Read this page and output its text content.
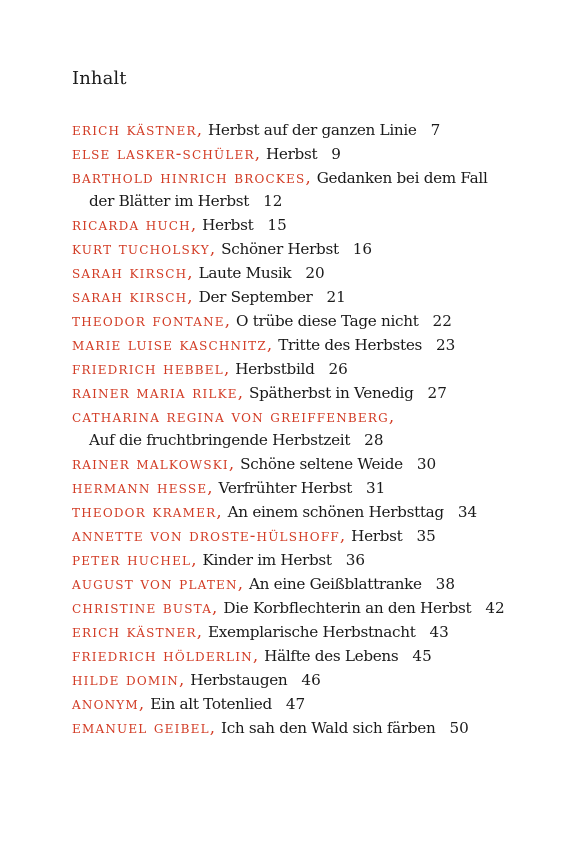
Inhalt
erich kästner, Herbst auf der ganzen Linie 7
else lasker-schüler, Herbst 9
barthold hinrich brockes, Gedanken bei dem Fall
der Blätter im Herbst 12
ricarda huch, Herbst 15
kurt tucholsky, Schöner Herbst 16
sarah kirsch, Laute Musik 20
sarah kirsch, Der September 21
theodor fontane, O trübe diese Tage nicht 22
marie luise kaschnitz, Tritte des Herbstes 23
friedrich hebbel, Herbstbild 26
rainer maria rilke, Spätherbst in Venedig 27
catharina regina von greiffenberg,
Auf die fruchtbringende Herbstzeit 28
rainer malkowski, Schöne seltene Weide 30
hermann hesse, Verfrühter Herbst 31
theodor kramer, An einem schönen Herbsttag 34
annette von droste-hülshoff, Herbst 35
peter huchel, Kinder im Herbst 36
august von platen, An eine Geißblattranke 38
christine busta, Die Korbflechterin an den Herbst 42
erich kästner, Exemplarische Herbstnacht 43
friedrich hölderlin, Hälfte des Lebens 45
hilde domin, Herbstaugen 46
anonym, Ein alt Totenlied 47
emanuel geibel, Ich sah den Wald sich färben 50
